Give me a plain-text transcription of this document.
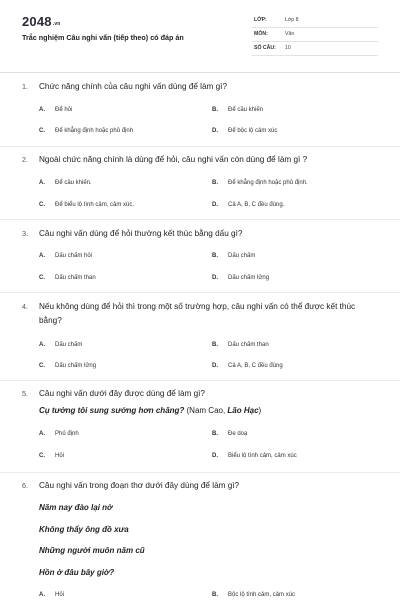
2048.vn
Trắc nghiệm Câu nghi vấn (tiếp theo) có đáp án
LỚP:	Lớp 8
MÔN:	Văn
SỐ CÂU: 10
1. Chức năng chính của câu nghi vấn dùng để làm gì?
A. Để hỏi	B. Để cầu khiến
C. Để khẳng định hoặc phủ định	D. Để bộc lộ cảm xúc
2. Ngoài chức năng chính là dùng để hỏi, câu nghi vấn còn dùng để làm gì ?
A. Để cầu khiến.	B. Để khẳng định hoặc phủ định.
C. Để biểu lộ tình cảm, cảm xúc.	D. Cả A, B, C đều đúng.
3. Câu nghi vấn dùng để hỏi thường kết thúc bằng dấu gì?
A. Dấu chấm hỏi	B. Dấu chấm
C. Dấu chấm than	D. Dấu chấm lửng
4. Nếu không dùng để hỏi thì trong một số trường hợp, câu nghi vấn có thể được kết thúc bằng?
A. Dấu chấm	B. Dấu chấm than
C. Dấu chấm lửng	D. Cả A, B, C đều đúng
5. Câu nghi vấn dưới đây được dùng để làm gì?
Cụ tưởng tôi sung sướng hơn chăng? (Nam Cao, Lão Hạc)
A. Phủ định	B. Đe doạ
C. Hỏi	D. Biểu lộ tình cảm, cảm xúc
6. Câu nghi vấn trong đoạn thơ dưới đây dùng để làm gì?
Năm nay đào lại nở
Không thấy ông đồ xưa
Những người muôn năm cũ
Hồn ở đâu bây giờ?
A. Hỏi	B. Bộc lộ tình cảm, cảm xúc
